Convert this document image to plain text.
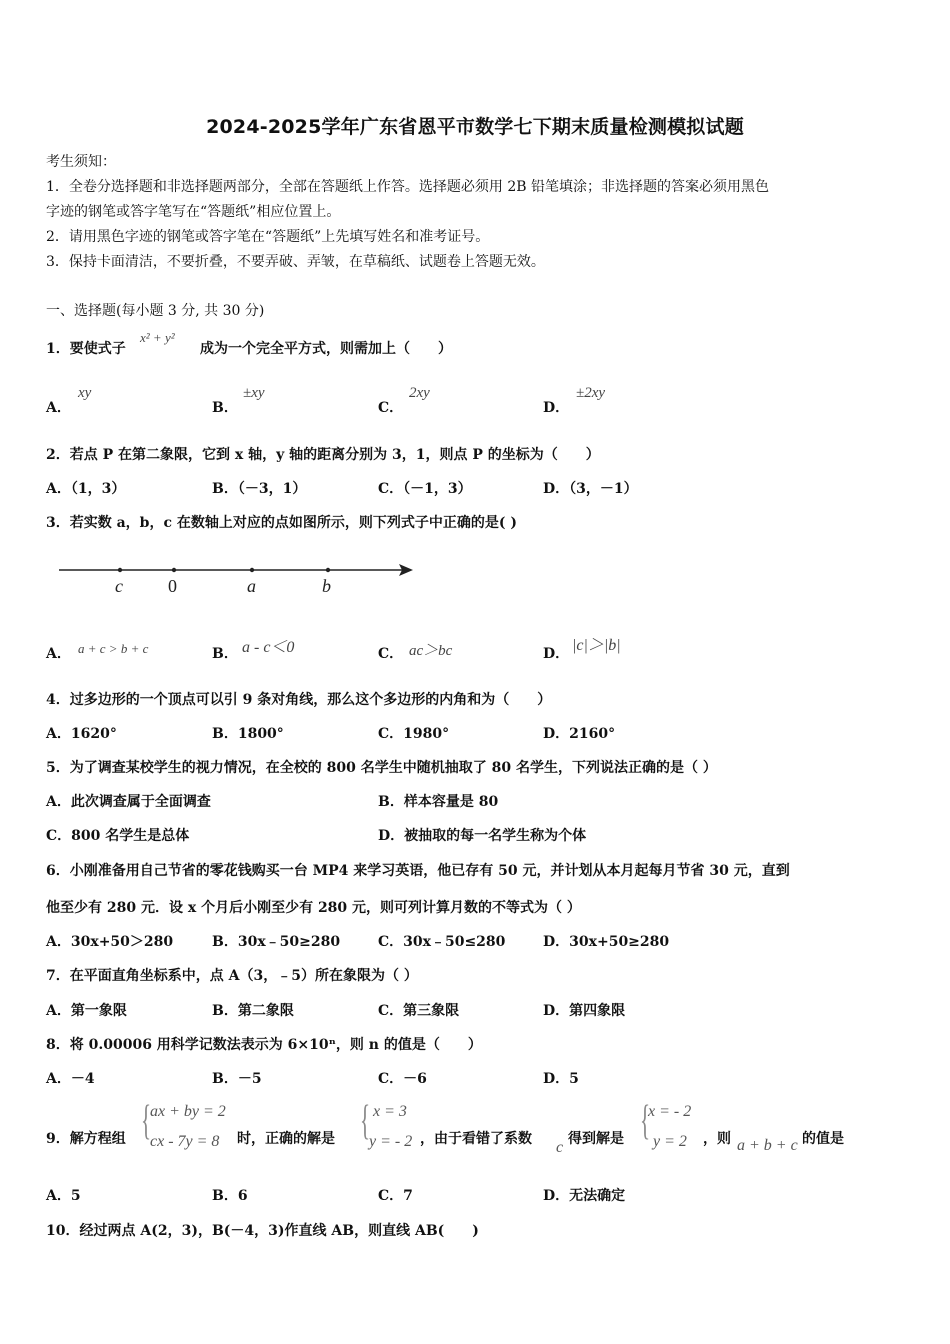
2024-2025学年广东省恩平市数学七下期末质量检测模拟试题
考生须知：
1．全卷分选择题和非选择题两部分，全部在答题纸上作答。选择题必须用 2B 铅笔填涂；非选择题的答案必须用黑色
字迹的钢笔或答字笔写在“答题纸”相应位置上。
2．请用黑色字迹的钢笔或答字笔在“答题纸”上先填写姓名和准考证号。
3．保持卡面清洁，不要折叠，不要弄破、弄皱，在草稿纸、试题卷上答题无效。
一、选择题(每小题 3 分, 共 30 分)
1．要使式子
x² + y²
成为一个完全平方式，则需加上（　　）
A．
xy
B．
±xy
C．
2xy
D．
±2xy
2．若点 P 在第二象限，它到 x 轴，y 轴的距离分别为 3，1，则点 P 的坐标为（　　）
A．（1，3）	B．（－3，1）	C．（－1，3）	D．（3，－1）
3．若实数 a，b，c 在数轴上对应的点如图所示，则下列式子中正确的是( )
c	0	a	b
A． a + c > b + c	B． a - c＜0	C． ac＞bc	D． |c|＞|b|
4．过多边形的一个顶点可以引 9 条对角线，那么这个多边形的内角和为（　　）
A．1620°	B．1800°	C．1980°	D．2160°
5．为了调查某校学生的视力情况，在全校的 800 名学生中随机抽取了 80 名学生，下列说法正确的是（ ）
A．此次调查属于全面调查	B．样本容量是 80
C．800 名学生是总体	D．被抽取的每一名学生称为个体
6．小刚准备用自己节省的零花钱购买一台 MP4 来学习英语，他已存有 50 元，并计划从本月起每月节省 30 元，直到
他至少有 280 元．设 x 个月后小刚至少有 280 元，则可列计算月数的不等式为（ ）
A．30x+50＞280	B．30x﹣50≥280	C．30x﹣50≤280	D．30x+50≥280
7．在平面直角坐标系中，点 A（3，﹣5）所在象限为（ ）
A．第一象限	B．第二象限	C．第三象限	D．第四象限
8．将 0.00006 用科学记数法表示为 6×10ⁿ，则 n 的值是（　　）
A．－4	B．－5	C．－6	D．5
9．解方程组 {
ax + by = 2
cx - 7y = 8 时，正确的解是 { x = 3
y = - 2 ，由于看错了系数 c 得到解是 {
x = - 2
y = 2 ，则 a + b + c 的值是
A．5	B．6	C．7	D．无法确定
10．经过两点 A(2，3)，B(－4，3)作直线 AB，则直线 AB(　　)
